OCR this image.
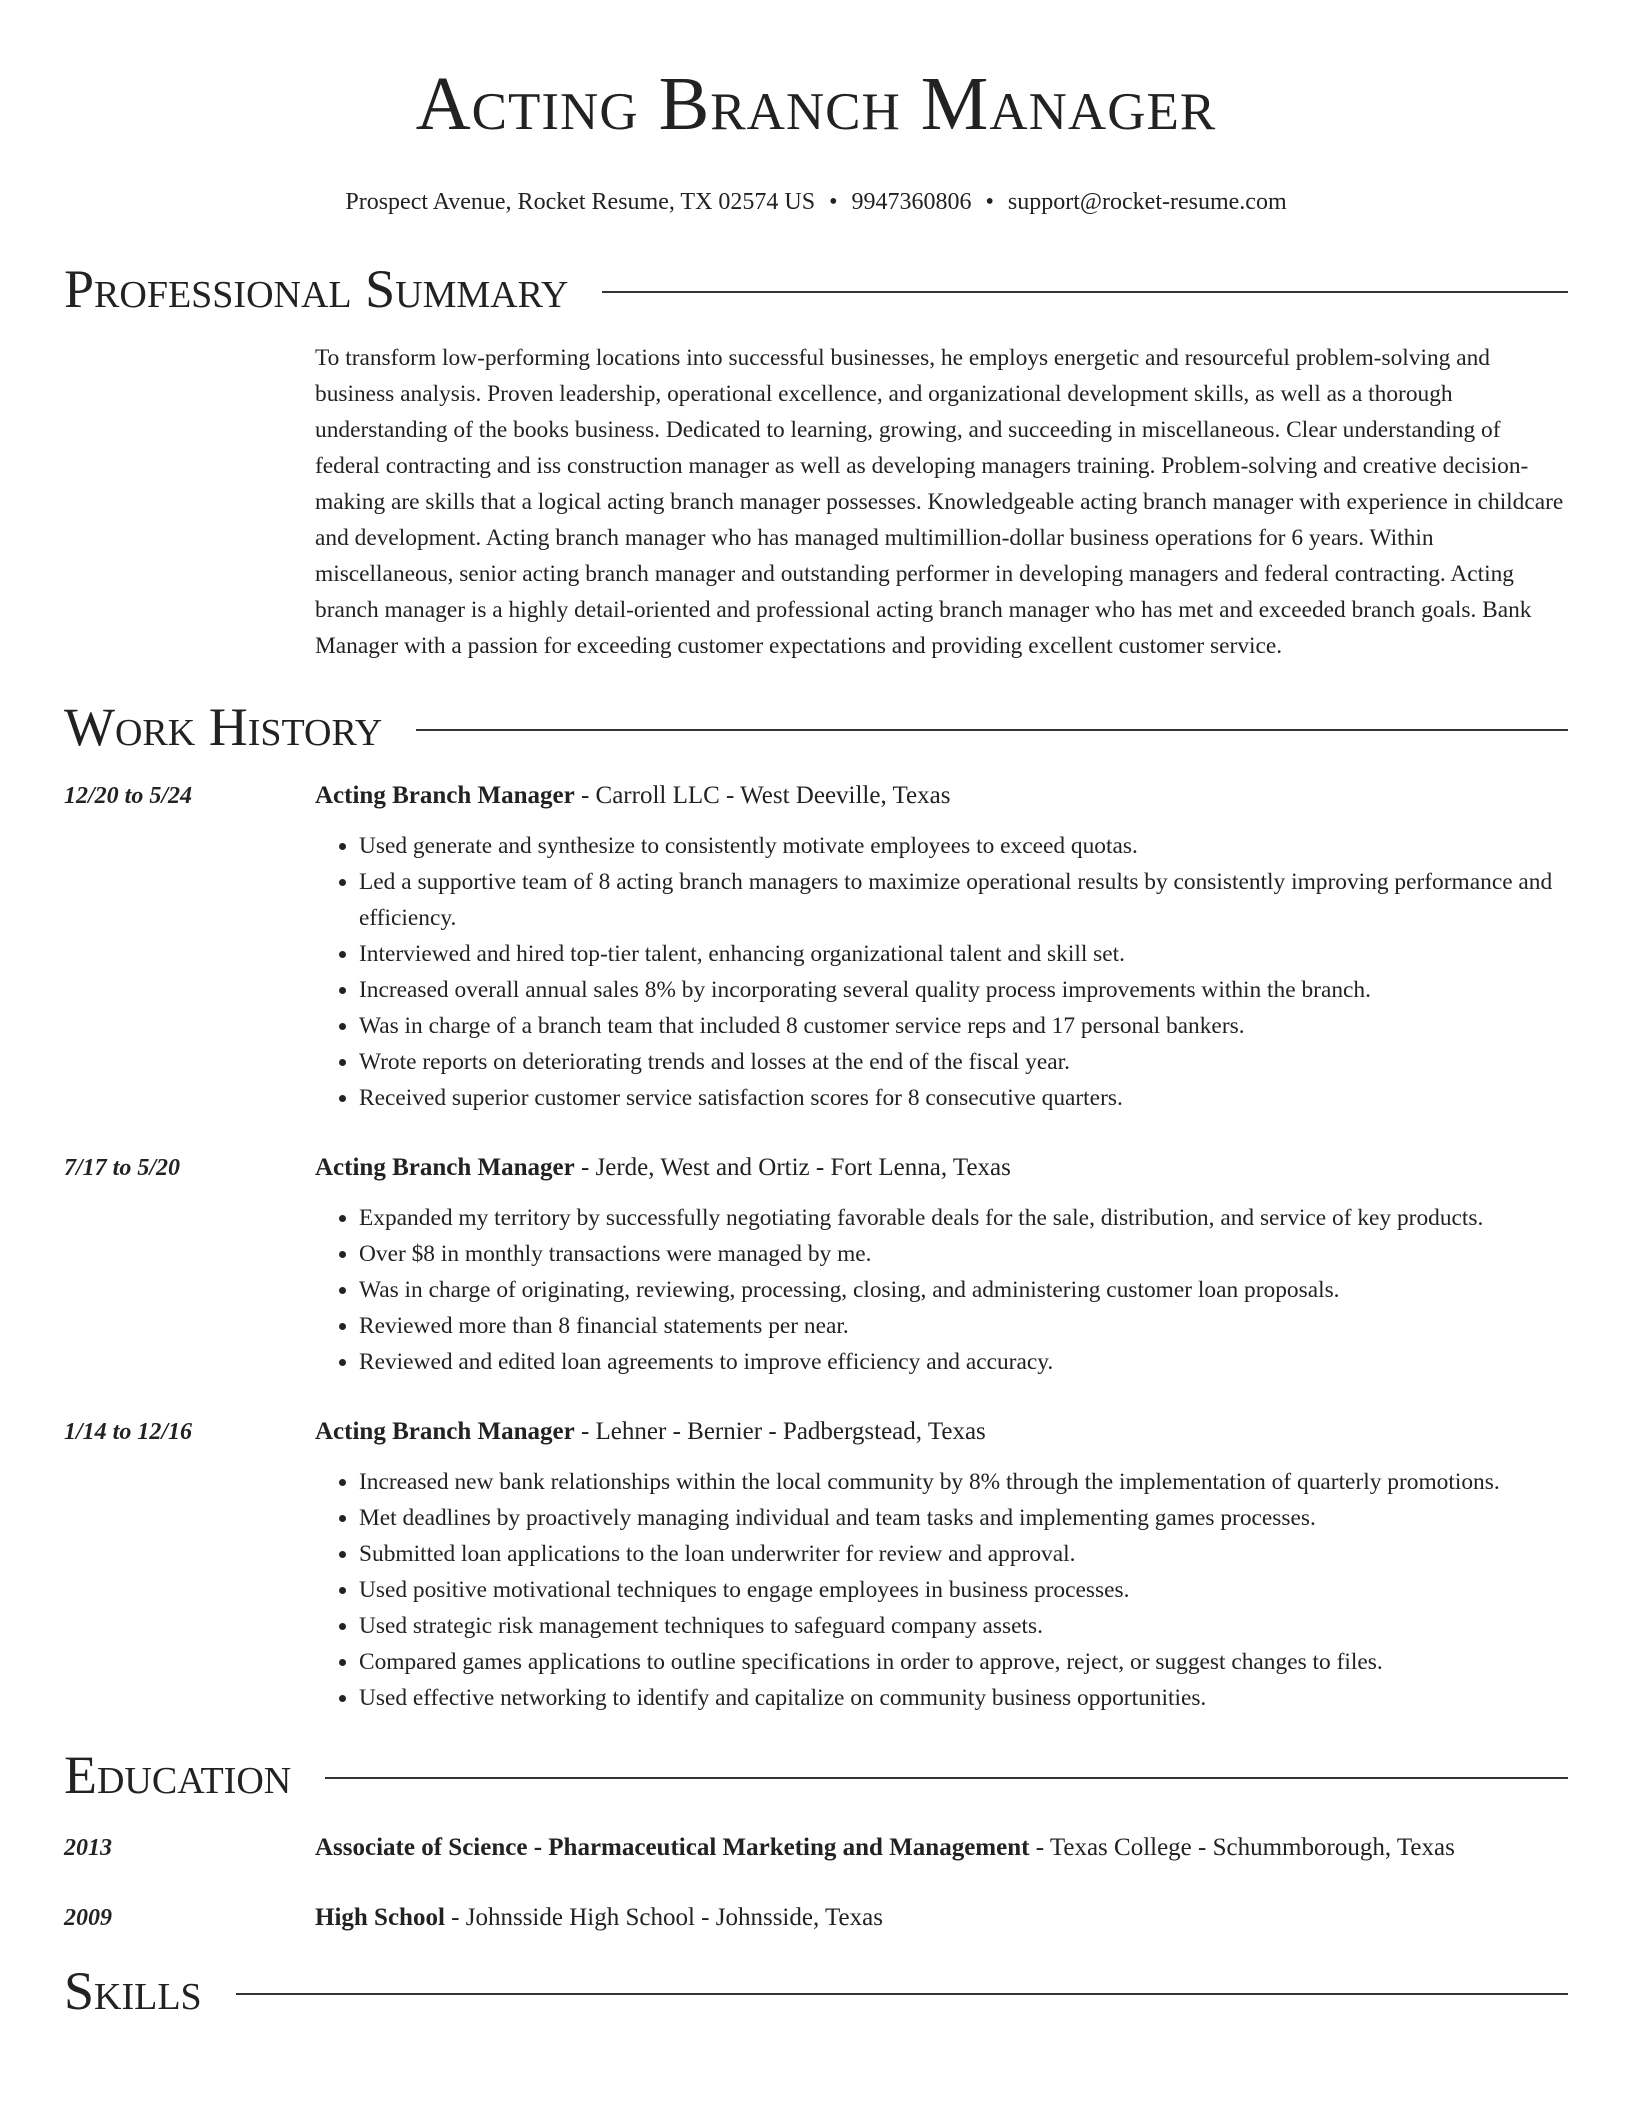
Acting Branch Manager
Prospect Avenue, Rocket Resume, TX 02574 US • 9947360806 • support@rocket-resume.com
Professional Summary
To transform low-performing locations into successful businesses, he employs energetic and resourceful problem-solving and business analysis. Proven leadership, operational excellence, and organizational development skills, as well as a thorough understanding of the books business. Dedicated to learning, growing, and succeeding in miscellaneous. Clear understanding of federal contracting and iss construction manager as well as developing managers training. Problem-solving and creative decision-making are skills that a logical acting branch manager possesses. Knowledgeable acting branch manager with experience in childcare and development. Acting branch manager who has managed multimillion-dollar business operations for 6 years. Within miscellaneous, senior acting branch manager and outstanding performer in developing managers and federal contracting. Acting branch manager is a highly detail-oriented and professional acting branch manager who has met and exceeded branch goals. Bank Manager with a passion for exceeding customer expectations and providing excellent customer service.
Work History
12/20 to 5/24	Acting Branch Manager - Carroll LLC - West Deeville, Texas
• Used generate and synthesize to consistently motivate employees to exceed quotas.
• Led a supportive team of 8 acting branch managers to maximize operational results by consistently improving performance and efficiency.
• Interviewed and hired top-tier talent, enhancing organizational talent and skill set.
• Increased overall annual sales 8% by incorporating several quality process improvements within the branch.
• Was in charge of a branch team that included 8 customer service reps and 17 personal bankers.
• Wrote reports on deteriorating trends and losses at the end of the fiscal year.
• Received superior customer service satisfaction scores for 8 consecutive quarters.
7/17 to 5/20	Acting Branch Manager - Jerde, West and Ortiz - Fort Lenna, Texas
• Expanded my territory by successfully negotiating favorable deals for the sale, distribution, and service of key products.
• Over $8 in monthly transactions were managed by me.
• Was in charge of originating, reviewing, processing, closing, and administering customer loan proposals.
• Reviewed more than 8 financial statements per near.
• Reviewed and edited loan agreements to improve efficiency and accuracy.
1/14 to 12/16	Acting Branch Manager - Lehner - Bernier - Padbergstead, Texas
• Increased new bank relationships within the local community by 8% through the implementation of quarterly promotions.
• Met deadlines by proactively managing individual and team tasks and implementing games processes.
• Submitted loan applications to the loan underwriter for review and approval.
• Used positive motivational techniques to engage employees in business processes.
• Used strategic risk management techniques to safeguard company assets.
• Compared games applications to outline specifications in order to approve, reject, or suggest changes to files.
• Used effective networking to identify and capitalize on community business opportunities.
Education
2013	Associate of Science - Pharmaceutical Marketing and Management - Texas College - Schummborough, Texas
2009	High School - Johnsside High School - Johnsside, Texas
Skills
